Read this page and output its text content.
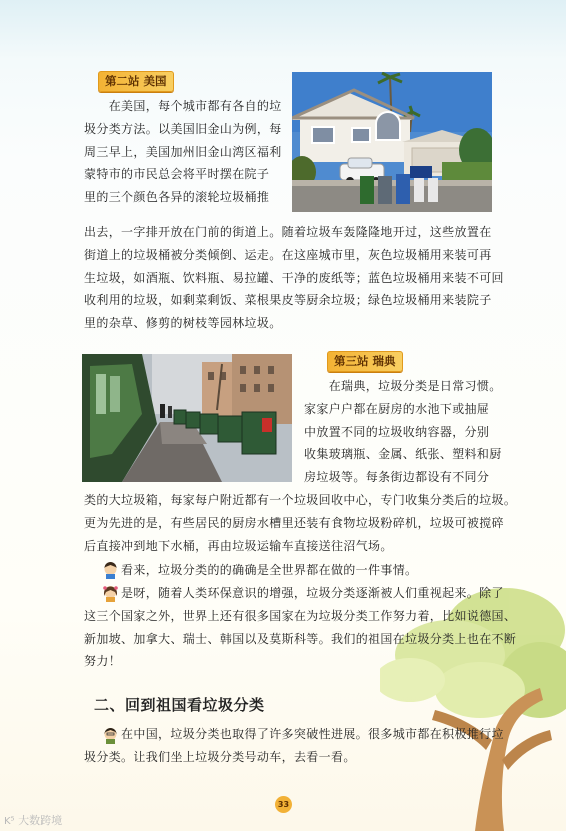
第二站 美国
　　在美国，每个城市都有各自的垃
圾分类方法。以美国旧金山为例，每
周三早上，美国加州旧金山湾区福利
蒙特市的市民总会将平时摆在院子
里的三个颜色各异的滚轮垃圾桶推
出去，一字排开放在门前的街道上。随着垃圾车轰隆隆地开过，这些放置在
街道上的垃圾桶被分类倾倒、运走。在这座城市里，灰色垃圾桶用来装可再
生垃圾，如酒瓶、饮料瓶、易拉罐、干净的废纸等；蓝色垃圾桶用来装不可回
收利用的垃圾，如剩菜剩饭、菜根果皮等厨余垃圾；绿色垃圾桶用来装院子
里的杂草、修剪的树枝等园林垃圾。
第三站 瑞典
　　在瑞典，垃圾分类是日常习惯。
家家户户都在厨房的水池下或抽屉
中放置不同的垃圾收纳容器，分别
收集玻璃瓶、金属、纸张、塑料和厨
房垃圾等。每条街边都设有不同分
类的大垃圾箱，每家每户附近都有一个垃圾回收中心，专门收集分类后的垃圾。
更为先进的是，有些居民的厨房水槽里还装有食物垃圾粉碎机，垃圾可被搅碎
后直接冲到地下水桶，再由垃圾运输车直接送往沼气场。
看来，垃圾分类的的确确是全世界都在做的一件事情。
是呀，随着人类环保意识的增强，垃圾分类逐渐被人们重视起来。除了
这三个国家之外，世界上还有很多国家在为垃圾分类工作努力着，比如说德国、
新加坡、加拿大、瑞士、韩国以及莫斯科等。我们的祖国在垃圾分类上也在不断
努力！
二、回到祖国看垃圾分类
在中国，垃圾分类也取得了许多突破性进展。很多城市都在积极推行垃
圾分类。让我们坐上垃圾分类号动车，去看一看。
33
K⁵ 大数跨境
